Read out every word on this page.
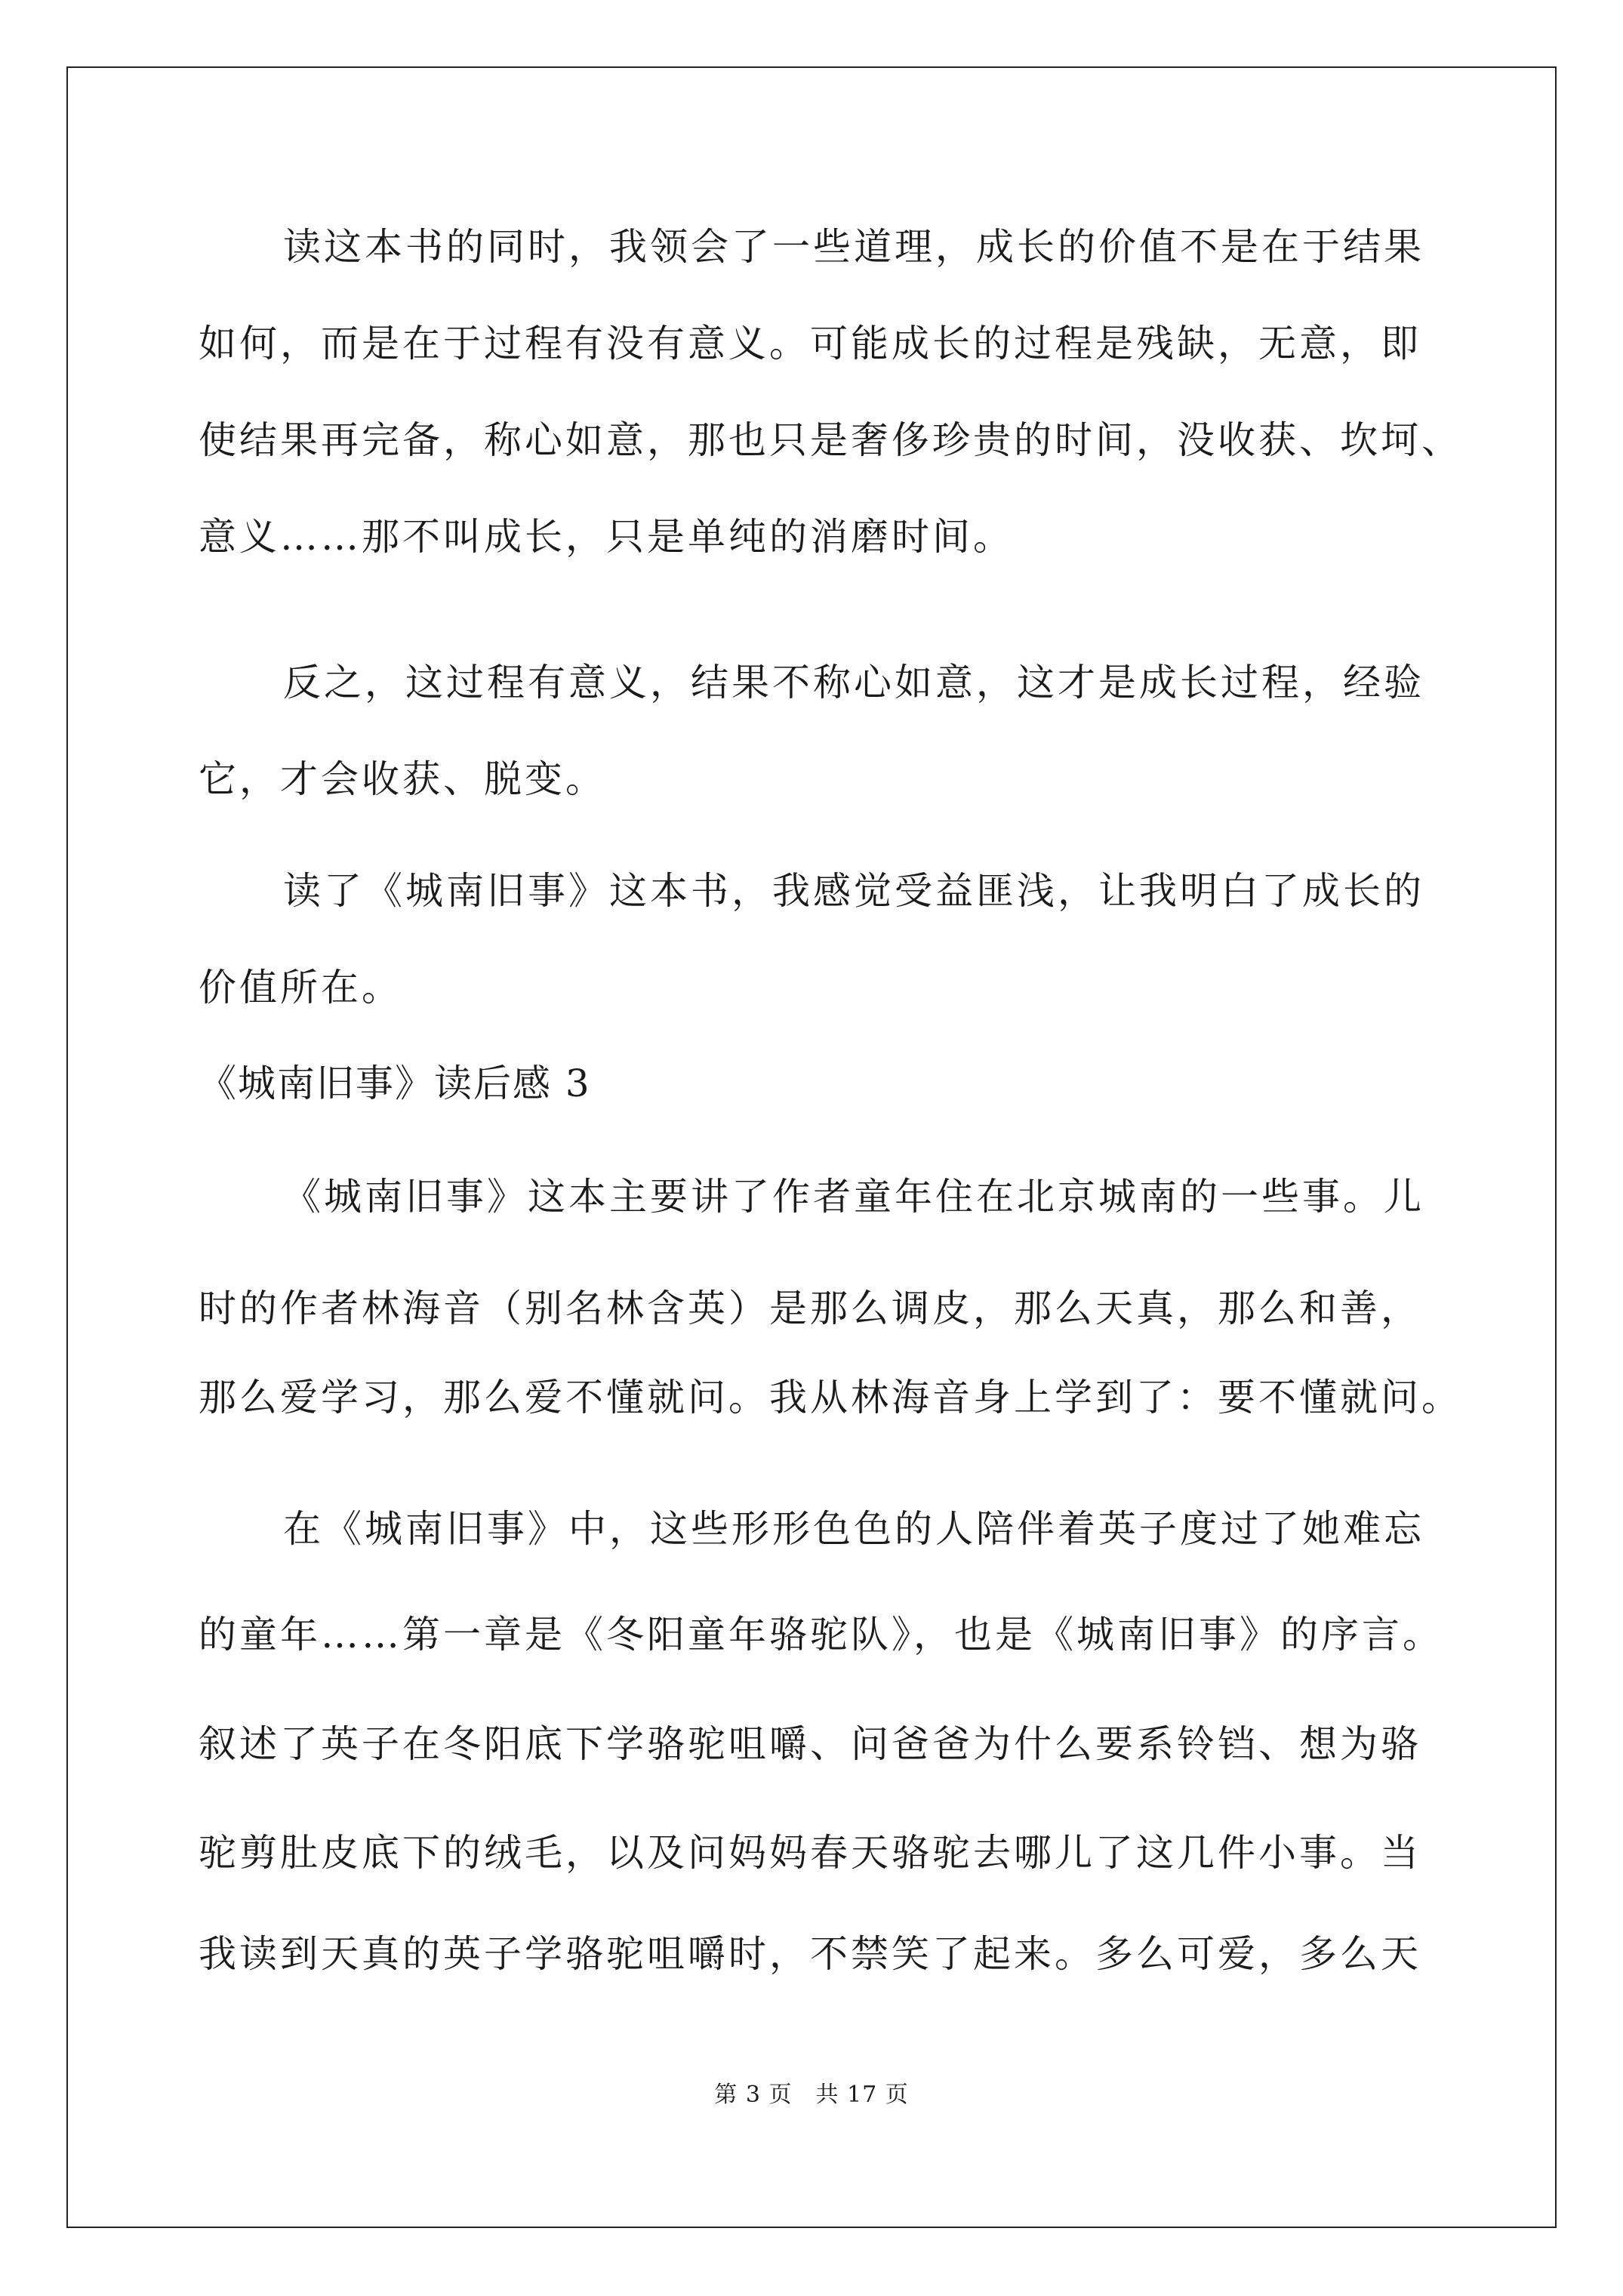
读这本书的同时，我领会了一些道理，成长的价值不是在于结果
如何，而是在于过程有没有意义。可能成长的过程是残缺，无意，即
使结果再完备，称心如意，那也只是奢侈珍贵的时间，没收获、坎坷、
意义……那不叫成长，只是单纯的消磨时间。
反之，这过程有意义，结果不称心如意，这才是成长过程，经验
它，才会收获、脱变。
读了《城南旧事》这本书，我感觉受益匪浅，让我明白了成长的
价值所在。
《城南旧事》读后感 3
《城南旧事》这本主要讲了作者童年住在北京城南的一些事。儿
时的作者林海音（别名林含英）是那么调皮，那么天真，那么和善，
那么爱学习，那么爱不懂就问。我从林海音身上学到了：要不懂就问。
在《城南旧事》中，这些形形色色的人陪伴着英子度过了她难忘
的童年……第一章是《冬阳童年骆驼队》，也是《城南旧事》的序言。
叙述了英子在冬阳底下学骆驼咀嚼、问爸爸为什么要系铃铛、想为骆
驼剪肚皮底下的绒毛，以及问妈妈春天骆驼去哪儿了这几件小事。当
我读到天真的英子学骆驼咀嚼时，不禁笑了起来。多么可爱，多么天
第 3 页　共 17 页
